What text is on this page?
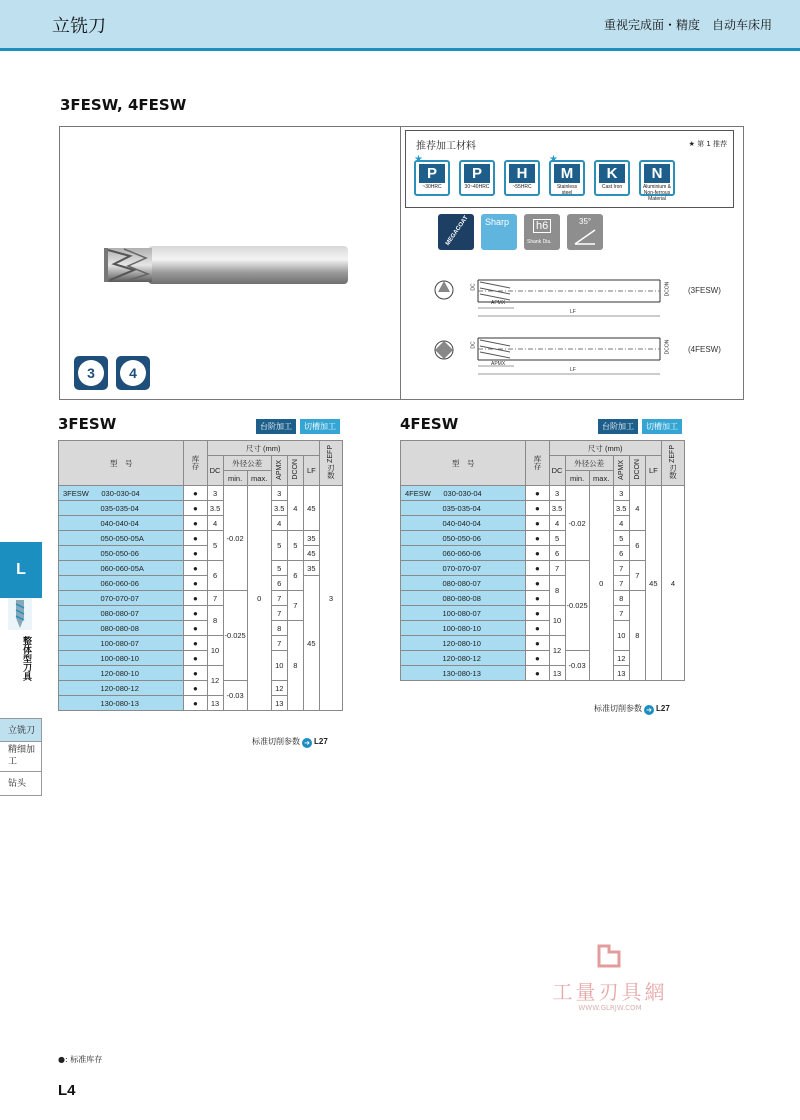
立铣刀	重视完成面・精度　自动车床用
3FESW, 4FESW
3	4
推荐加工材料	★ 第 1 推荐
P
~30HRC
P
30~40HRC
H
~55HRC
M
Stainless steel
K
Cast Iron
N
Aluminium & Non-ferrous Material
★	★
MEGACOAT Sharp h6
Shank Dia.
35°
DC	DCON
APMX
LF
(3FESW)
DC	DCON
APMX
LF
(4FESW)
3FESW	台阶加工	切槽加工
型　号	库存	尺寸 (mm)						ZEFP
刃数
		DC	外径公差		APMX	DCON	LF	
			min.	max.				
3FESW 030-030-04	●	3	-0.02	0	3	4	45	3
035-035-04	●	3.5			3.5			
040-040-04	●	4			4			
050-050-05A	●	5			5	5	35	
050-050-06	●						45	
060-060-05A	●	6			5	6	35	
060-060-06	●				6		45	
070-070-07	●	7	-0.025		7	7		
080-080-07	●	8			7			
080-080-08	●				8	8		
100-080-07	●	10			7			
100-080-10	●				10			
120-080-10	●	12						
120-080-12	●		-0.03		12			
130-080-13	●	13			13			
标准切削参数 ➜ L27
4FESW	台阶加工	切槽加工
型　号	库存	尺寸 (mm)						ZEFP
刃数
		DC	外径公差		APMX	DCON	LF	
			min.	max.				
4FESW 030-030-04	●	3	-0.02	0	3	4	45	4
035-035-04	●	3.5			3.5			
040-040-04	●	4			4			
050-050-06	●	5			5	6		
060-060-06	●	6			6			
070-070-07	●	7	-0.025		7	7		
080-080-07	●	8			7			
080-080-08	●				8	8		
100-080-07	●	10			7			
100-080-10	●				10			
120-080-10	●	12						
120-080-12	●		-0.03		12			
130-080-13	●	13			13			
标准切削参数 ➜ L27
L
整体型刀具
立铣刀
精细加工
钻头
工量刃具網
WWW.GLRJW.COM
●: 标准库存
L4
